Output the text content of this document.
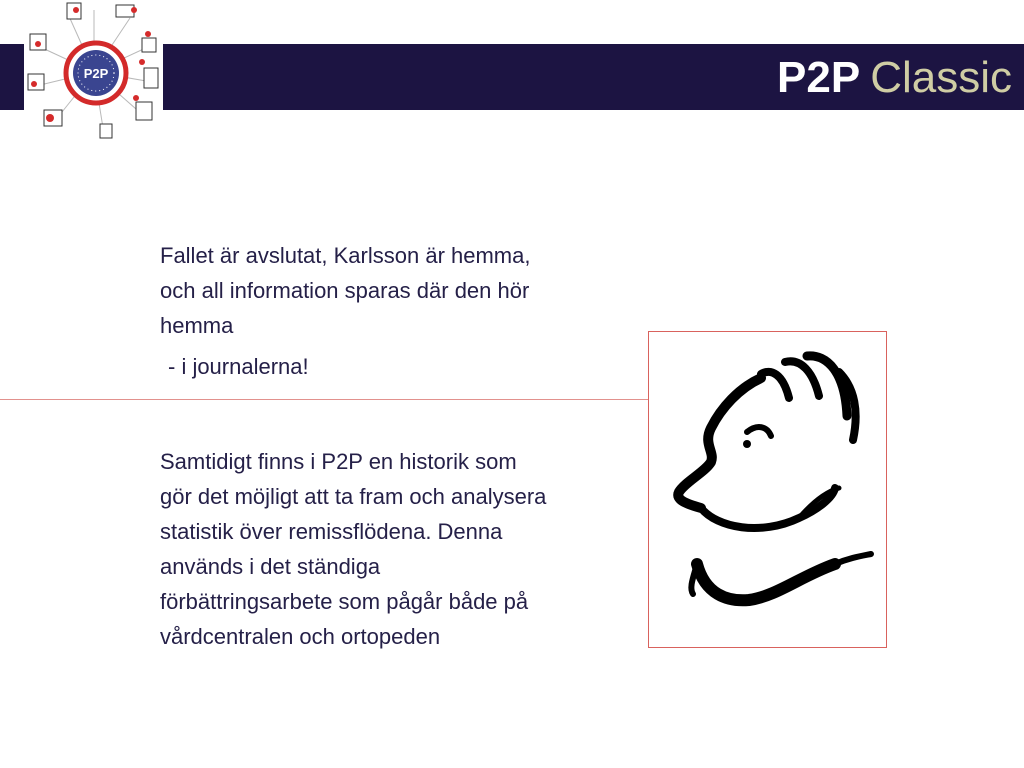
P2P Classic
P2P
Fallet är avslutat, Karlsson är hemma, och all information sparas där den hör hemma
- i journalerna!
Samtidigt finns i P2P en historik som gör det möjligt att ta fram och analysera statistik över remissflödena. Denna används i det ständiga förbättringsarbete som pågår både på vårdcentralen och ortopeden
